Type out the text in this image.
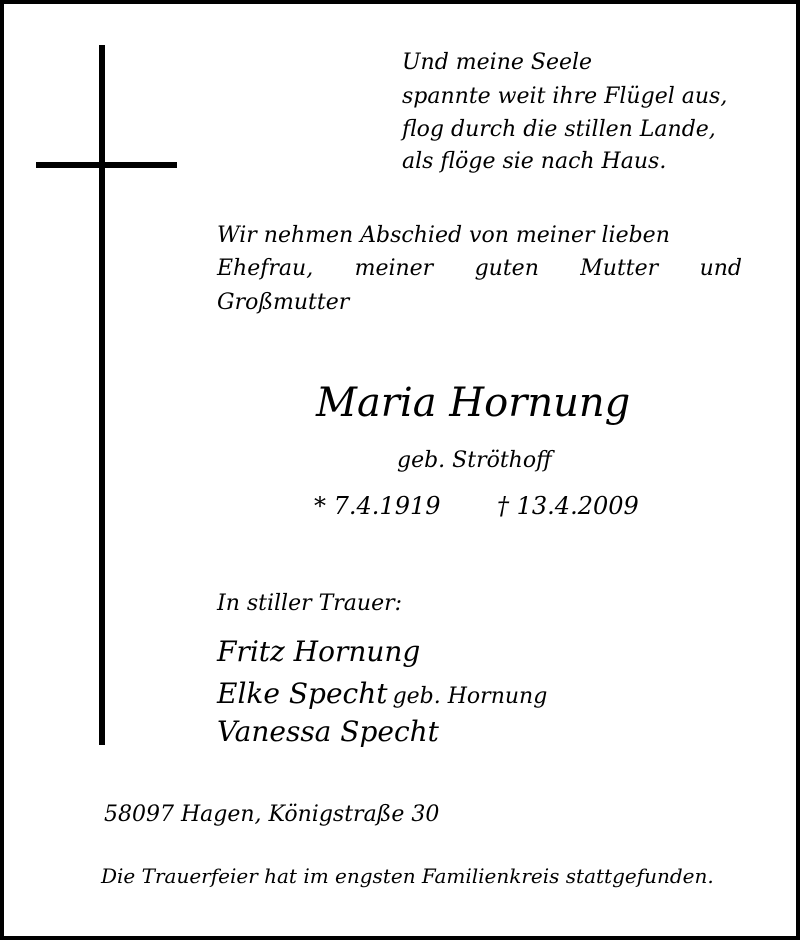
Und meine Seele
spannte weit ihre Flügel aus,
flog durch die stillen Lande,
als flöge sie nach Haus.
Wir nehmen Abschied von meiner lieben
Ehefrau, meiner guten Mutter und
Großmutter
Maria Hornung
geb. Ströthoff
* 7.4.1919 † 13.4.2009
In stiller Trauer:
Fritz Hornung
Elke Specht geb. Hornung
Vanessa Specht
58097 Hagen, Königstraße 30
Die Trauerfeier hat im engsten Familienkreis stattgefunden.
